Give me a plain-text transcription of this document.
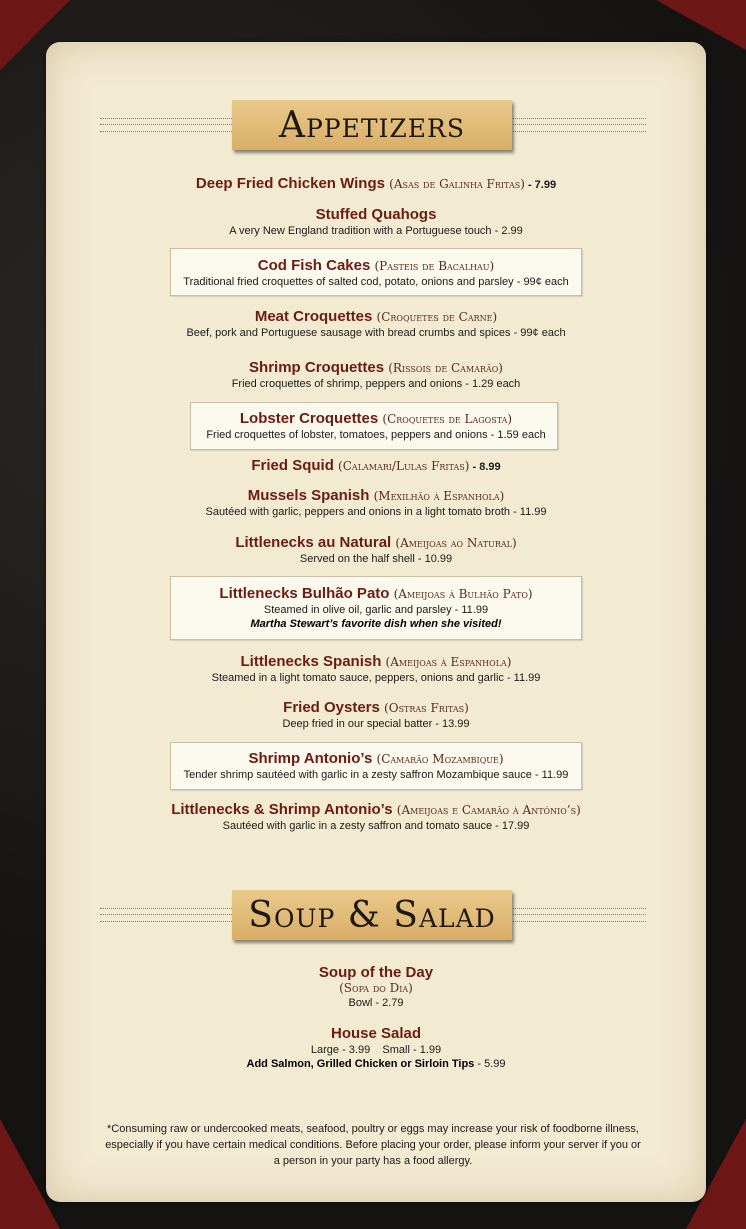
Appetizers
Deep Fried Chicken Wings (Asas de Galinha Fritas) - 7.99
Stuffed Quahogs
A very New England tradition with a Portuguese touch - 2.99
Cod Fish Cakes (Pasteis de Bacalhau)
Traditional fried croquettes of salted cod, potato, onions and parsley - 99¢ each
Meat Croquettes (Croquetes de Carne)
Beef, pork and Portuguese sausage with bread crumbs and spices - 99¢ each
Shrimp Croquettes (Rissois de Camarão)
Fried croquettes of shrimp, peppers and onions - 1.29 each
Lobster Croquettes (Croquetes de Lagosta)
Fried croquettes of lobster, tomatoes, peppers and onions - 1.59 each
Fried Squid (Calamari/Lulas Fritas) - 8.99
Mussels Spanish (Mexilhão à Espanhola)
Sautéed with garlic, peppers and onions in a light tomato broth - 11.99
Littlenecks au Natural (Ameijoas ao Natural)
Served on the half shell - 10.99
Littlenecks Bulhão Pato (Ameijoas à Bulhão Pato)
Steamed in olive oil, garlic and parsley - 11.99
Martha Stewart’s favorite dish when she visited!
Littlenecks Spanish (Ameijoas à Espanhola)
Steamed in a light tomato sauce, peppers, onions and garlic - 11.99
Fried Oysters (Ostras Fritas)
Deep fried in our special batter - 13.99
Shrimp Antonio’s (Camarão Mozambique)
Tender shrimp sautéed with garlic in a zesty saffron Mozambique sauce - 11.99
Littlenecks & Shrimp Antonio’s (Ameijoas e Camarão à António’s)
Sautéed with garlic in a zesty saffron and tomato sauce - 17.99
Soup & Salad
Soup of the Day
(Sopa do Dia)
Bowl - 2.79
House Salad
Large - 3.99    Small - 1.99
Add Salmon, Grilled Chicken or Sirloin Tips - 5.99
*Consuming raw or undercooked meats, seafood, poultry or eggs may increase your risk of foodborne illness,
especially if you have certain medical conditions. Before placing your order, please inform your server if you or
a person in your party has a food allergy.
